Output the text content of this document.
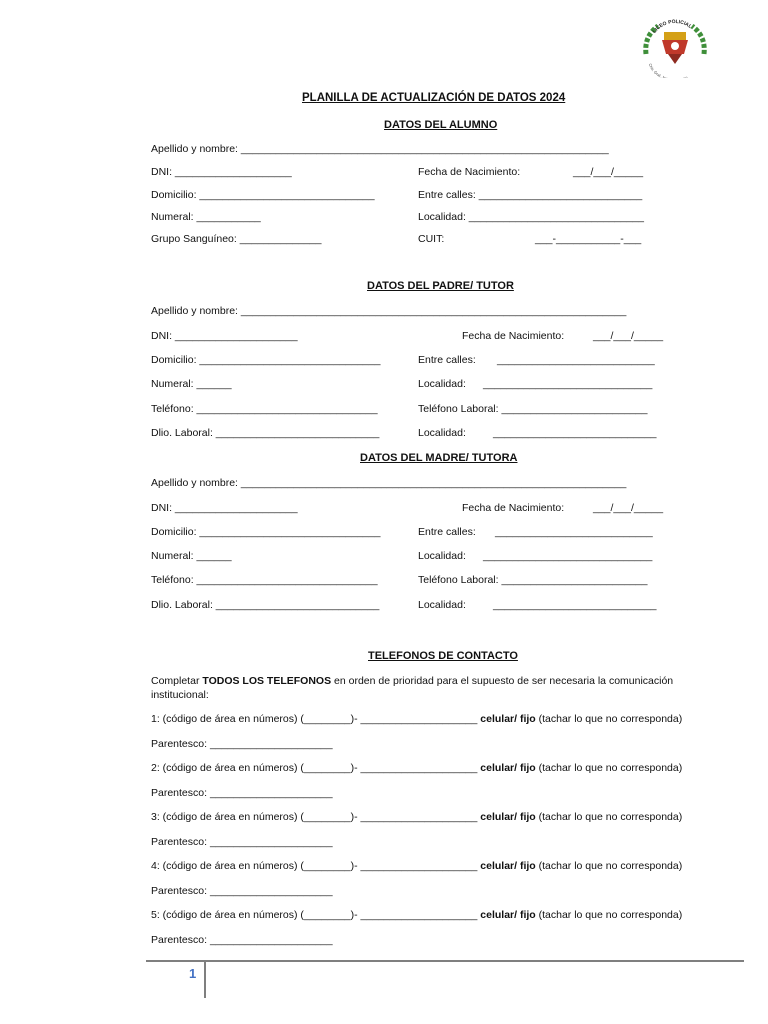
LICEO POLICIAL
Crio. Gral. Jo o
PLANILLA DE ACTUALIZACIÓN DE DATOS 2024
DATOS DEL ALUMNO
Apellido y nombre: _______________________________________________________________
DNI: ____________________	Fecha de Nacimiento:	___/___/_____
Domicilio: ______________________________	Entre calles: ____________________________
Numeral: ___________	Localidad: ______________________________
Grupo Sanguíneo: ______________	CUIT:	___-___________-___
DATOS DEL PADRE/ TUTOR
Apellido y nombre: __________________________________________________________________
DNI: _____________________	Fecha de Nacimiento:	___/___/_____
Domicilio: _______________________________	Entre calles: ___________________________
Numeral: ______	Localidad: _____________________________
Teléfono: _______________________________	Teléfono Laboral: _________________________
Dlio. Laboral: ____________________________	Localidad:	____________________________
DATOS DEL MADRE/ TUTORA
Apellido y nombre: __________________________________________________________________
DNI: _____________________	Fecha de Nacimiento:	___/___/_____
Domicilio: _______________________________	Entre calles: ___________________________
Numeral: ______	Localidad: _____________________________
Teléfono: _______________________________	Teléfono Laboral: _________________________
Dlio. Laboral: ____________________________	Localidad:	____________________________
TELEFONOS DE CONTACTO
Completar TODOS LOS TELEFONOS en orden de prioridad para el supuesto de ser necesaria la comunicación institucional:
1: (código de área en números) (________)- ____________________ celular/ fijo (tachar lo que no corresponda)
Parentesco: _____________________
2: (código de área en números) (________)- ____________________ celular/ fijo (tachar lo que no corresponda)
Parentesco: _____________________
3: (código de área en números) (________)- ____________________ celular/ fijo (tachar lo que no corresponda)
Parentesco: _____________________
4: (código de área en números) (________)- ____________________ celular/ fijo (tachar lo que no corresponda)
Parentesco: _____________________
5: (código de área en números) (________)- ____________________ celular/ fijo (tachar lo que no corresponda)
Parentesco: _____________________
1
